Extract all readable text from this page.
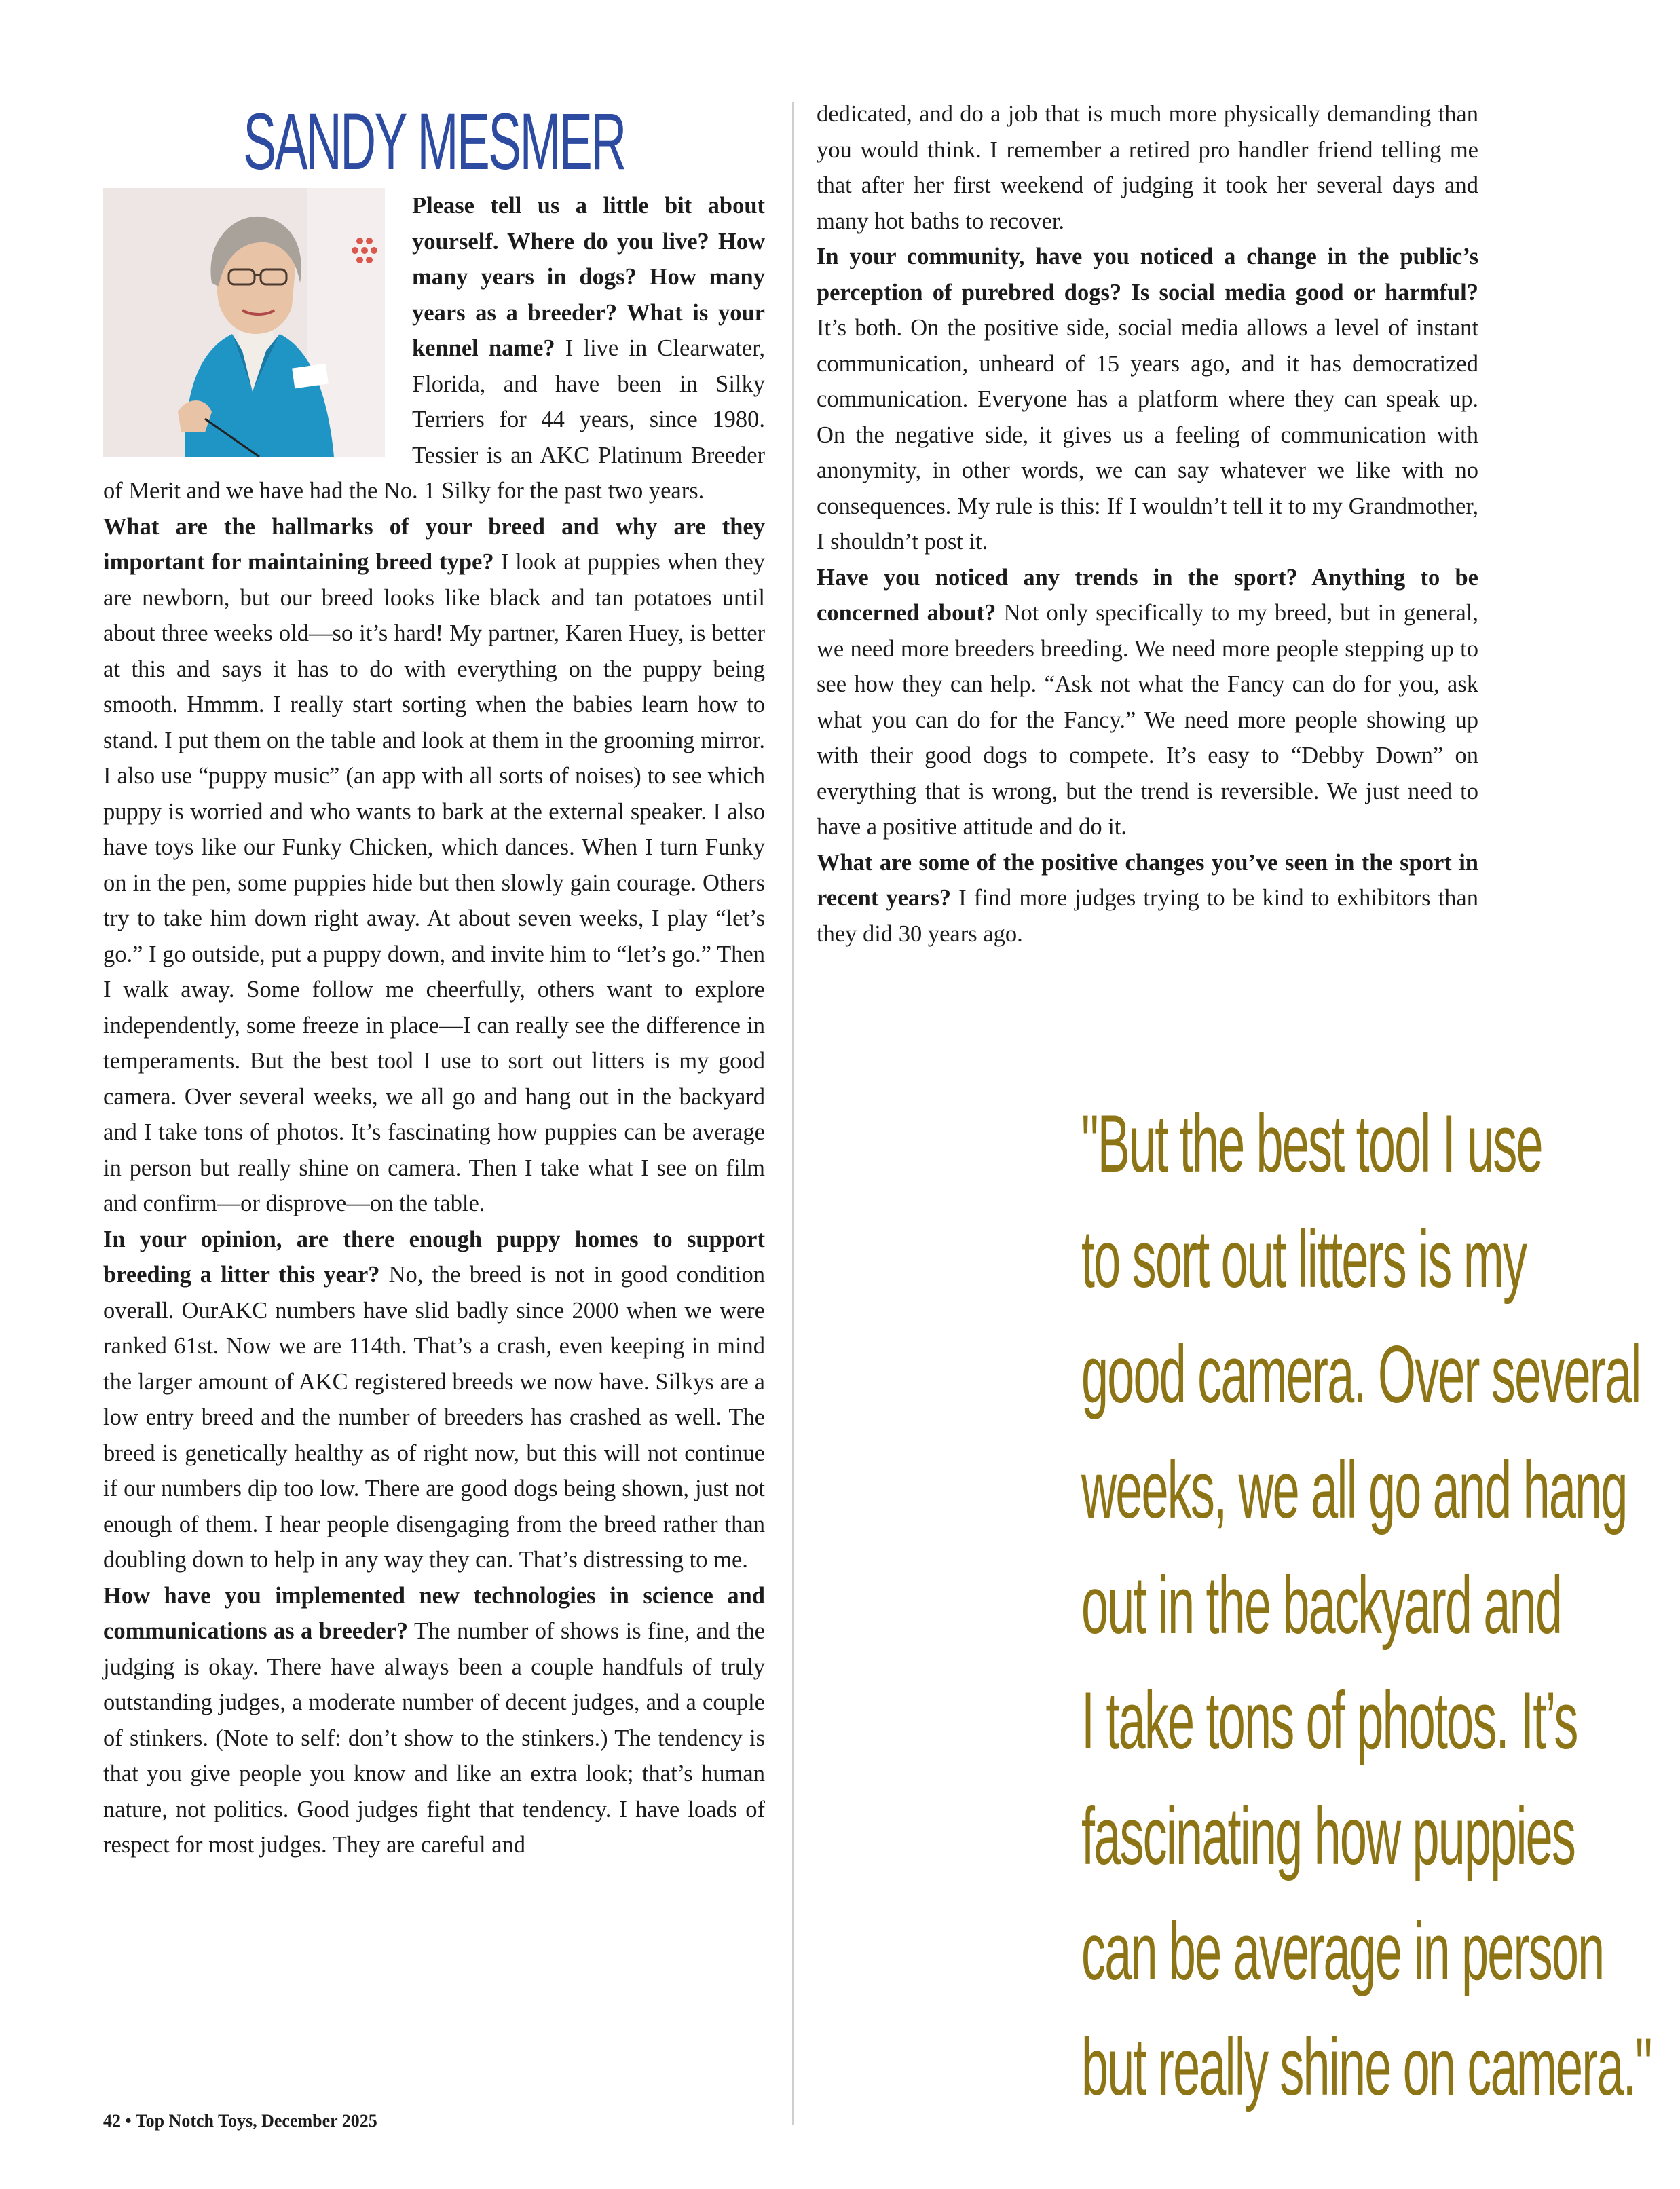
SANDY MESMER

Please tell us a little bit about yourself. Where do you live? How many years in dogs? How many years as a breeder? What is your kennel name? I live in Clearwater, Florida, and have been in Silky Terriers for 44 years, since 1980. Tessier is an AKC Platinum Breeder of Merit and we have had the No. 1 Silky for the past two years.

What are the hallmarks of your breed and why are they important for maintaining breed type? I look at puppies when they are newborn, but our breed looks like black and tan potatoes until about three weeks old—so it’s hard! My partner, Karen Huey, is better at this and says it has to do with everything on the puppy being smooth. Hmmm. I really start sorting when the babies learn how to stand. I put them on the table and look at them in the grooming mirror. I also use “puppy music” (an app with all sorts of noises) to see which puppy is worried and who wants to bark at the external speaker. I also have toys like our Funky Chicken, which dances. When I turn Funky on in the pen, some puppies hide but then slowly gain courage. Others try to take him down right away. At about seven weeks, I play “let’s go.” I go outside, put a puppy down, and invite him to “let’s go.” Then I walk away. Some follow me cheerfully, others want to explore independently, some freeze in place—I can really see the difference in temperaments. But the best tool I use to sort out litters is my good camera. Over several weeks, we all go and hang out in the backyard and I take tons of photos. It’s fascinating how puppies can be average in person but really shine on camera. Then I take what I see on film and confirm—or disprove—on the table.

In your opinion, are there enough puppy homes to support breeding a litter this year? No, the breed is not in good condition overall. OurAKC numbers have slid badly since 2000 when we were ranked 61st. Now we are 114th. That’s a crash, even keeping in mind the larger amount of AKC registered breeds we now have. Silkys are a low entry breed and the number of breeders has crashed as well. The breed is genetically healthy as of right now, but this will not continue if our numbers dip too low. There are good dogs being shown, just not enough of them. I hear people disengaging from the breed rather than doubling down to help in any way they can. That’s distressing to me.

How have you implemented new technologies in science and communications as a breeder? The number of shows is fine, and the judging is okay. There have always been a couple handfuls of truly outstanding judges, a moderate number of decent judges, and a couple of stinkers. (Note to self: don’t show to the stinkers.) The tendency is that you give people you know and like an extra look; that’s human nature, not politics. Good judges fight that tendency. I have loads of respect for most judges. They are careful and

dedicated, and do a job that is much more physically demanding than you would think. I remember a retired pro handler friend telling me that after her first weekend of judging it took her several days and many hot baths to recover.

In your community, have you noticed a change in the public’s perception of purebred dogs? Is social media good or harmful? It’s both. On the positive side, social media allows a level of instant communication, unheard of 15 years ago, and it has democratized communication. Everyone has a platform where they can speak up. On the negative side, it gives us a feeling of communication with anonymity, in other words, we can say whatever we like with no consequences. My rule is this: If I wouldn’t tell it to my Grandmother, I shouldn’t post it.

Have you noticed any trends in the sport? Anything to be concerned about? Not only specifically to my breed, but in general, we need more breeders breeding. We need more people stepping up to see how they can help. “Ask not what the Fancy can do for you, ask what you can do for the Fancy.” We need more people showing up with their good dogs to compete. It’s easy to “Debby Down” on everything that is wrong, but the trend is reversible. We just need to have a positive attitude and do it.

What are some of the positive changes you’ve seen in the sport in recent years? I find more judges trying to be kind to exhibitors than they did 30 years ago.

"But the best tool I use
to sort out litters is my
good camera. Over several
weeks, we all go and hang
out in the backyard and
I take tons of photos. It’s
fascinating how puppies
can be average in person
but really shine on camera."
42 • Top Notch Toys, December 2025
